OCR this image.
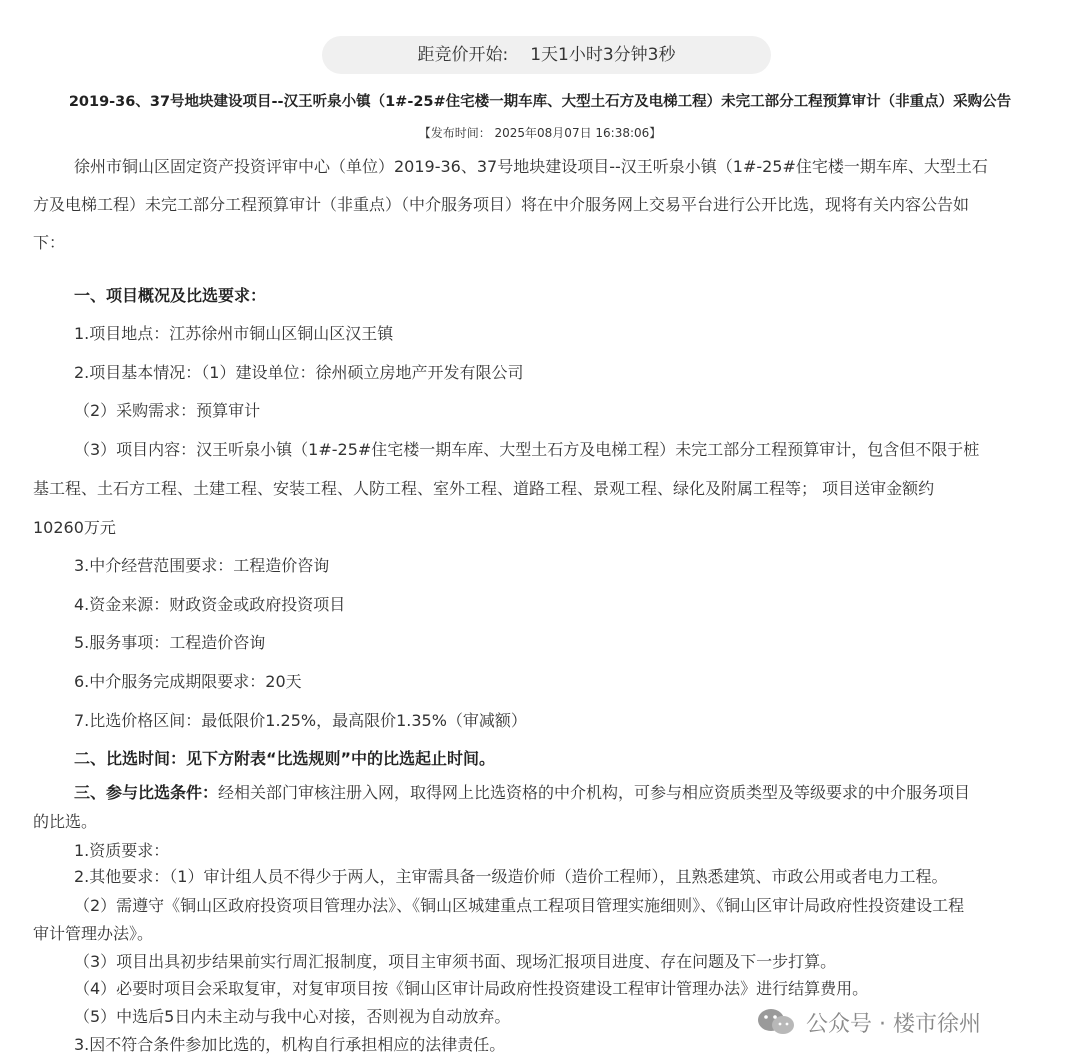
距竞价开始: 1天1小时3分钟3秒
2019-36、37号地块建设项目--汉王听泉小镇（1#-25#住宅楼一期车库、大型土石方及电梯工程）未完工部分工程预算审计（非重点）采购公告
【发布时间： 2025年08月07日 16:38:06】
徐州市铜山区固定资产投资评审中心（单位）2019-36、37号地块建设项目--汉王听泉小镇（1#-25#住宅楼一期车库、大型土石
方及电梯工程）未完工部分工程预算审计（非重点）（中介服务项目）将在中介服务网上交易平台进行公开比选，现将有关内容公告如
下：
一、项目概况及比选要求：
1.项目地点：江苏徐州市铜山区铜山区汉王镇
2.项目基本情况：（1）建设单位：徐州硕立房地产开发有限公司
（2）采购需求：预算审计
（3）项目内容：汉王听泉小镇（1#-25#住宅楼一期车库、大型土石方及电梯工程）未完工部分工程预算审计，包含但不限于桩
基工程、土石方工程、土建工程、安装工程、人防工程、室外工程、道路工程、景观工程、绿化及附属工程等； 项目送审金额约
10260万元
3.中介经营范围要求：工程造价咨询
4.资金来源：财政资金或政府投资项目
5.服务事项：工程造价咨询
6.中介服务完成期限要求：20天
7.比选价格区间：最低限价1.25%，最高限价1.35%（审减额）
二、比选时间：见下方附表“比选规则”中的比选起止时间。
三、参与比选条件：经相关部门审核注册入网，取得网上比选资格的中介机构，可参与相应资质类型及等级要求的中介服务项目
的比选。
1.资质要求：
2.其他要求：（1）审计组人员不得少于两人，主审需具备一级造价师（造价工程师），且熟悉建筑、市政公用或者电力工程。
（2）需遵守《铜山区政府投资项目管理办法》、《铜山区城建重点工程项目管理实施细则》、《铜山区审计局政府性投资建设工程
审计管理办法》。
（3）项目出具初步结果前实行周汇报制度，项目主审须书面、现场汇报项目进度、存在问题及下一步打算。
（4）必要时项目会采取复审，对复审项目按《铜山区审计局政府性投资建设工程审计管理办法》进行结算费用。
（5）中选后5日内未主动与我中心对接，否则视为自动放弃。
3.因不符合条件参加比选的，机构自行承担相应的法律责任。
公众号 · 楼市徐州
